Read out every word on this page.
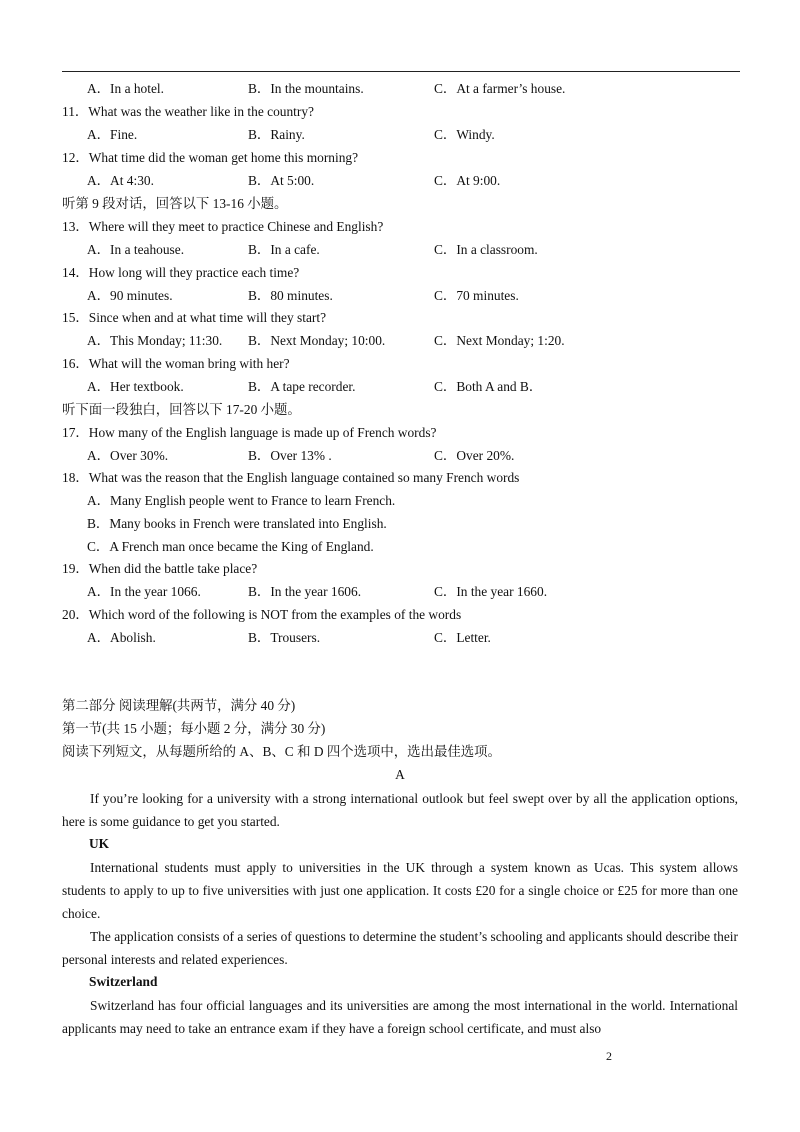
A．In a hotel.	B．In the mountains.	C．At a farmer’s house.
11．What was the weather like in the country?
A．Fine.	B．Rainy.	C．Windy.
12．What time did the woman get home this morning?
A．At 4:30.	B．At 5:00.	C．At 9:00.
听第 9 段对话，回答以下 13-16 小题。
13．Where will they meet to practice Chinese and English?
A．In a teahouse.	B．In a cafe.	C．In a classroom.
14．How long will they practice each time?
A．90 minutes.	B．80 minutes.	C．70 minutes.
15．Since when and at what time will they start?
A．This Monday; 11:30. B．Next Monday; 10:00.	C．Next Monday; 1:20.
16．What will the woman bring with her?
A．Her textbook.	B．A tape recorder.	C．Both A and B．
听下面一段独白，回答以下 17-20 小题。
17．How many of the English language is made up of French words?
A．Over 30%.	B．Over 13% .	C．Over 20%.
18．What was the reason that the English language contained so many French words
A．Many English people went to France to learn French.
B．Many books in French were translated into English.
C．A French man once became the King of England.
19．When did the battle take place?
A．In the year 1066.	B．In the year 1606.	C．In the year 1660.
20．Which word of the following is NOT from the examples of the words
A．Abolish.	B．Trousers.	C．Letter.
第二部分 阅读理解(共两节，满分 40 分)
第一节(共 15 小题；每小题 2 分，满分 30 分)
阅读下列短文，从每题所给的 A、B、C 和 D 四个选项中，选出最佳选项。
A
If you’re looking for a university with a strong international outlook but feel swept over by all the application options, here is some guidance to get you started.
UK
International students must apply to universities in the UK through a system known as Ucas. This system allows students to apply to up to five universities with just one application. It costs £20 for a single choice or £25 for more than one choice.
The application consists of a series of questions to determine the student’s schooling and applicants should describe their personal interests and related experiences.
Switzerland
Switzerland has four official languages and its universities are among the most international in the world. International applicants may need to take an entrance exam if they have a foreign school certificate, and must also
2
